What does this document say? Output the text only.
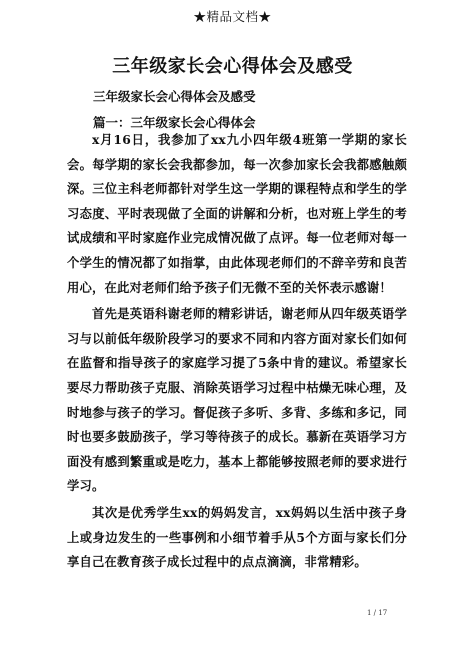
★精品文档★
三年级家长会心得体会及感受
三年级家长会心得体会及感受
篇一：三年级家长会心得体会

x月16日，我参加了xx九小四年级4班第一学期的家长会。每学期的家长会我都参加，每一次参加家长会我都感触颇深。三位主科老师都针对学生这一学期的课程特点和学生的学习态度、平时表现做了全面的讲解和分析，也对班上学生的考试成绩和平时家庭作业完成情况做了点评。每一位老师对每一个学生的情况都了如指掌，由此体现老师们的不辞辛劳和良苦用心，在此对老师们给予孩子们无微不至的关怀表示感谢！

首先是英语科谢老师的精彩讲话，谢老师从四年级英语学习与以前低年级阶段学习的要求不同和内容方面对家长们如何在监督和指导孩子的家庭学习提了5条中肯的建议。希望家长要尽力帮助孩子克服、消除英语学习过程中枯燥无味心理，及时地参与孩子的学习。督促孩子多听、多背、多练和多记，同时也要多鼓励孩子，学习等待孩子的成长。慕新在英语学习方面没有感到繁重或是吃力，基本上都能够按照老师的要求进行学习。

其次是优秀学生xx的妈妈发言，xx妈妈以生活中孩子身上或身边发生的一些事例和小细节着手从5个方面与家长们分享自己在教育孩子成长过程中的点点滴滴，非常精彩。

1 / 17
